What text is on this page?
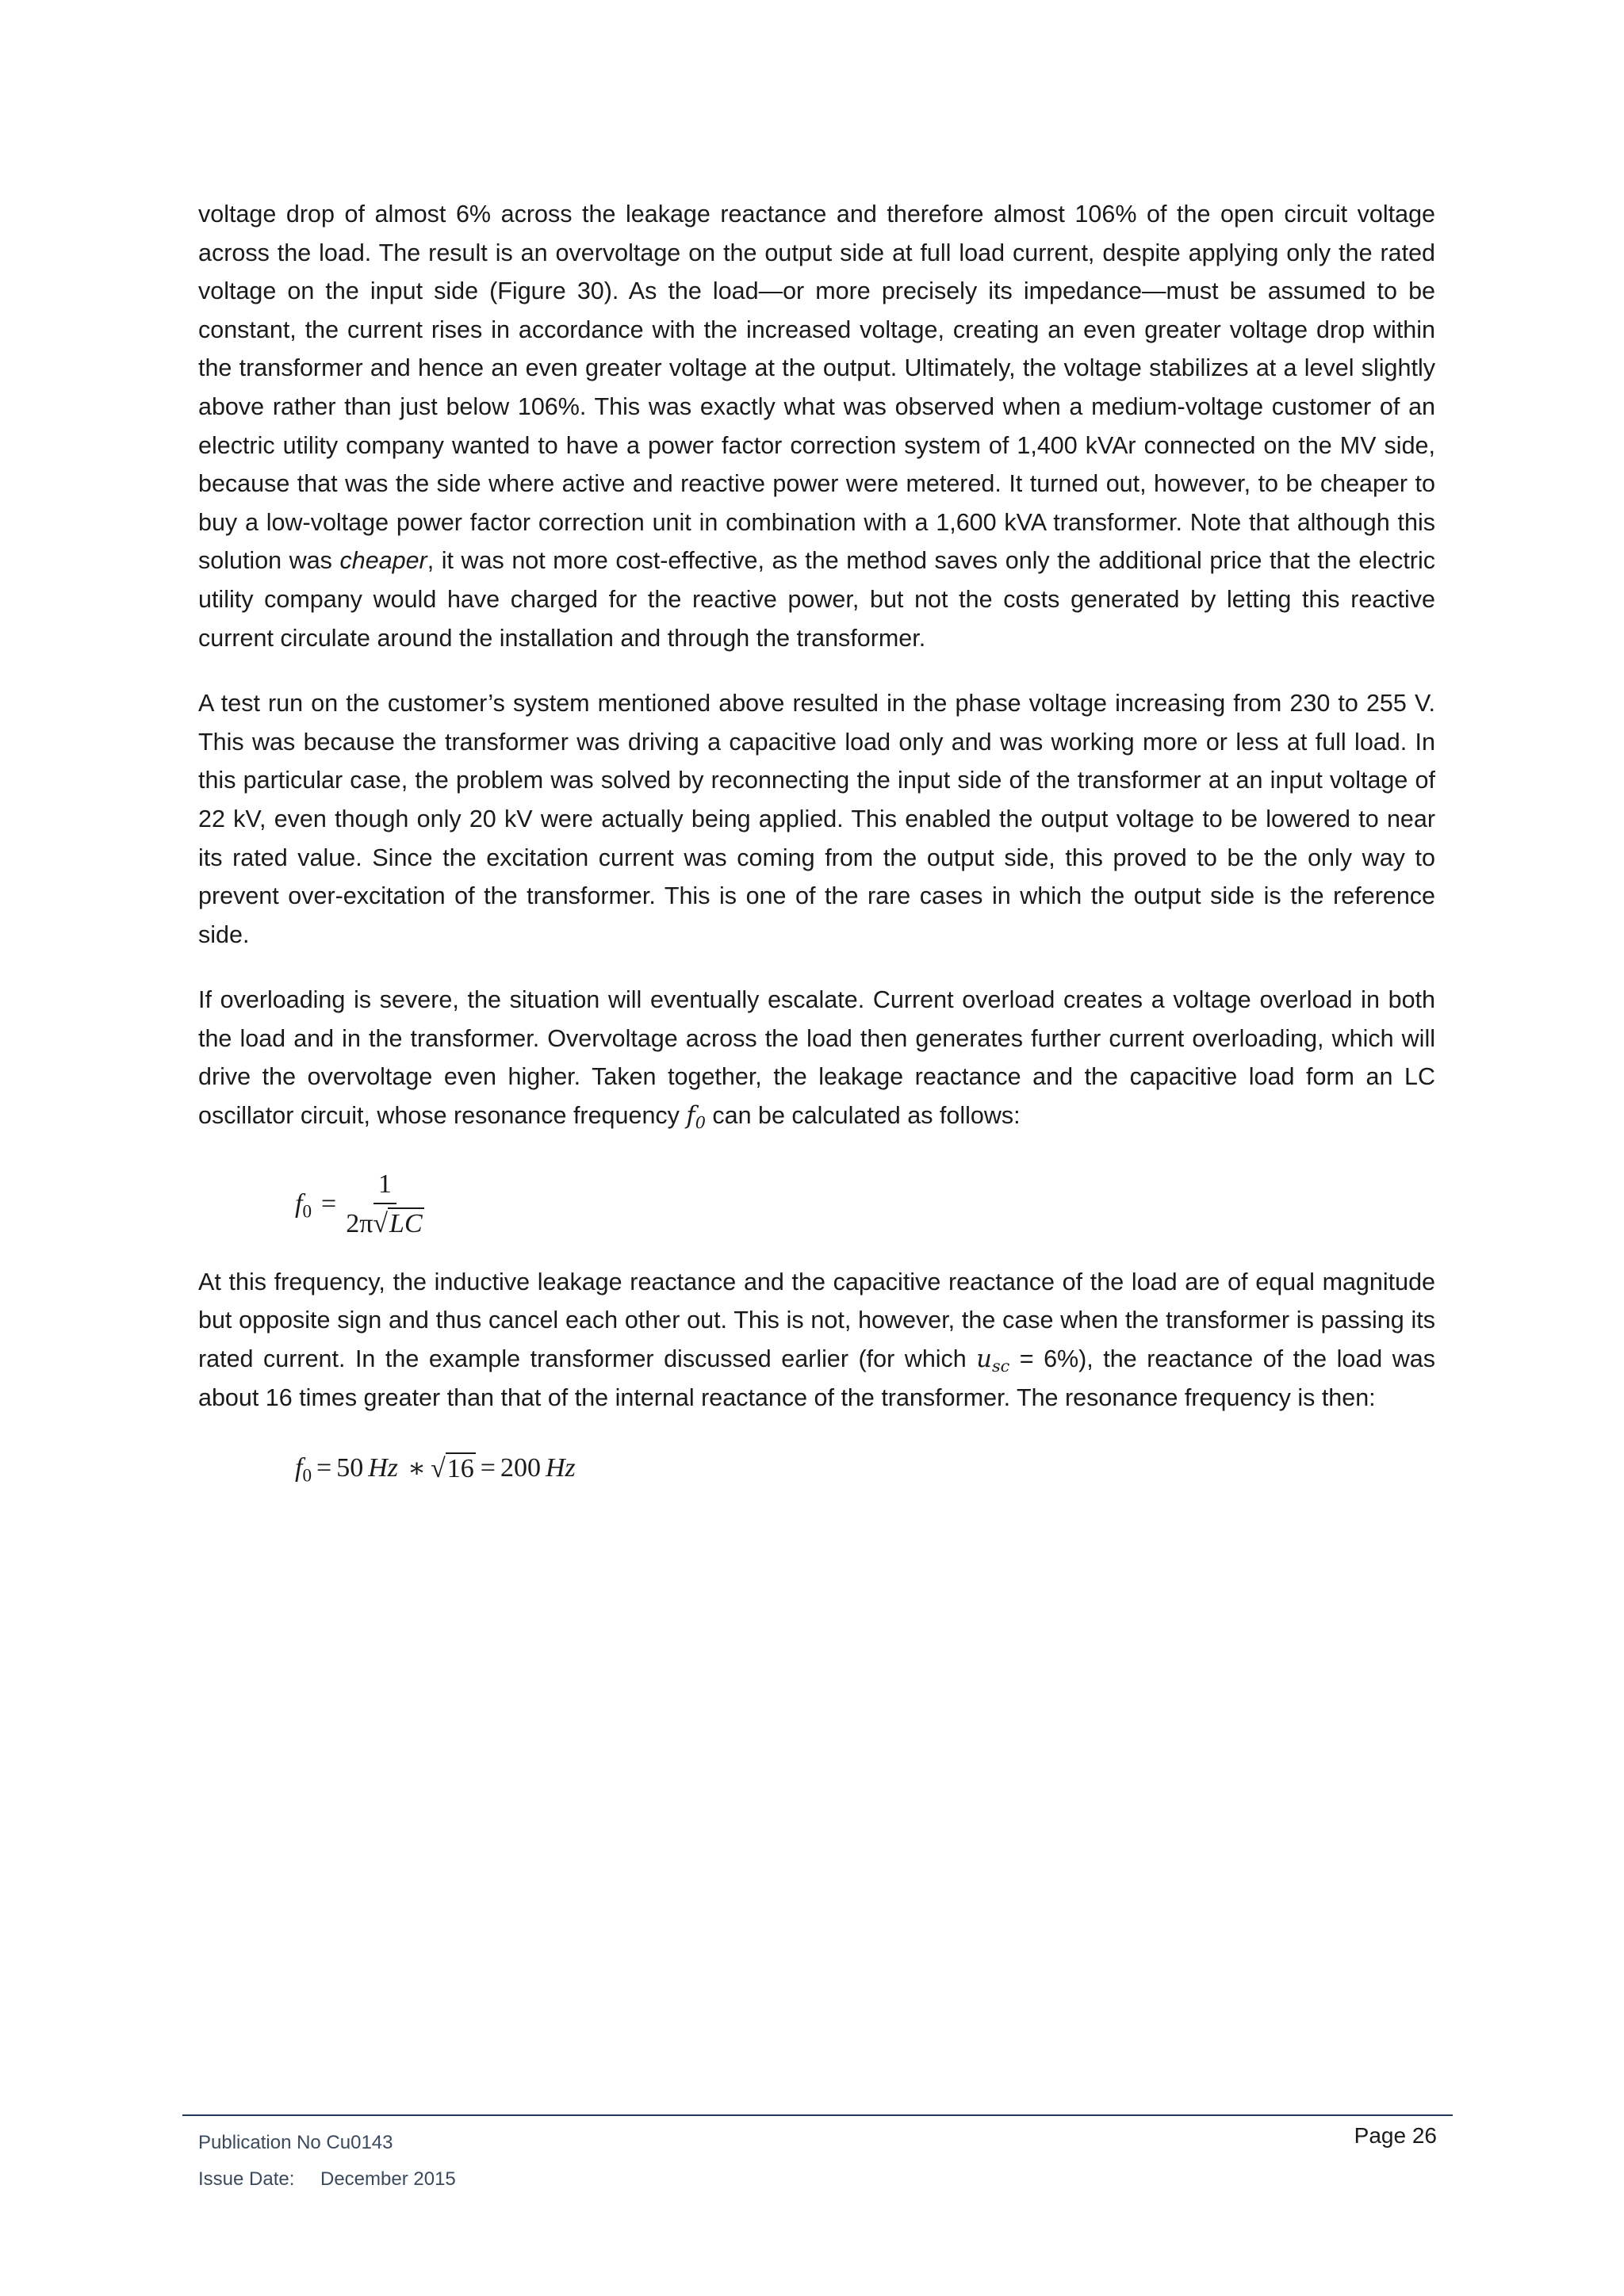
voltage drop of almost 6% across the leakage reactance and therefore almost 106% of the open circuit voltage across the load. The result is an overvoltage on the output side at full load current, despite applying only the rated voltage on the input side (Figure 30). As the load—or more precisely its impedance—must be assumed to be constant, the current rises in accordance with the increased voltage, creating an even greater voltage drop within the transformer and hence an even greater voltage at the output. Ultimately, the voltage stabilizes at a level slightly above rather than just below 106%. This was exactly what was observed when a medium-voltage customer of an electric utility company wanted to have a power factor correction system of 1,400 kVAr connected on the MV side, because that was the side where active and reactive power were metered. It turned out, however, to be cheaper to buy a low-voltage power factor correction unit in combination with a 1,600 kVA transformer. Note that although this solution was cheaper, it was not more cost-effective, as the method saves only the additional price that the electric utility company would have charged for the reactive power, but not the costs generated by letting this reactive current circulate around the installation and through the transformer.

A test run on the customer’s system mentioned above resulted in the phase voltage increasing from 230 to 255 V. This was because the transformer was driving a capacitive load only and was working more or less at full load. In this particular case, the problem was solved by reconnecting the input side of the transformer at an input voltage of 22 kV, even though only 20 kV were actually being applied. This enabled the output voltage to be lowered to near its rated value. Since the excitation current was coming from the output side, this proved to be the only way to prevent over-excitation of the transformer. This is one of the rare cases in which the output side is the reference side.

If overloading is severe, the situation will eventually escalate. Current overload creates a voltage overload in both the load and in the transformer. Overvoltage across the load then generates further current overloading, which will drive the overvoltage even higher. Taken together, the leakage reactance and the capacitive load form an LC oscillator circuit, whose resonance frequency $f_0$ can be calculated as follows:

$f_0 = \frac{1}{2\pi √ LC}$

At this frequency, the inductive leakage reactance and the capacitive reactance of the load are of equal magnitude but opposite sign and thus cancel each other out. This is not, however, the case when the transformer is passing its rated current. In the example transformer discussed earlier (for which $u_{sc} = 6\%$), the reactance of the load was about 16 times greater than that of the internal reactance of the transformer. The resonance frequency is then:

$f_0 = 50$ Hz ∗ √ 16 = 200 Hz
Publication No Cu0143
Issue Date: December 2015
Page 26
